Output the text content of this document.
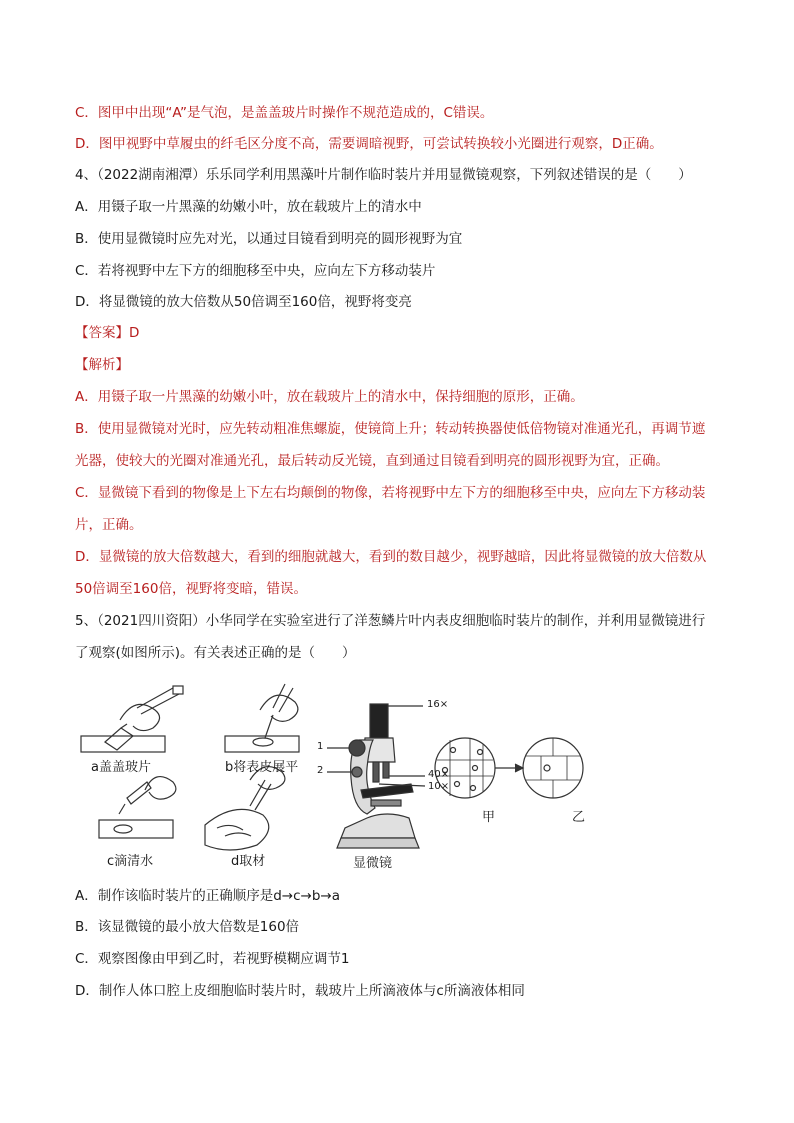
C．图甲中出现“A”是气泡，是盖盖玻片时操作不规范造成的，C错误。
D．图甲视野中草履虫的纤毛区分度不高，需要调暗视野，可尝试转换较小光圈进行观察，D正确。
4、（2022湖南湘潭）乐乐同学利用黑藻叶片制作临时装片并用显微镜观察，下列叙述错误的是（　　）
A．用镊子取一片黑藻的幼嫩小叶，放在载玻片上的清水中
B．使用显微镜时应先对光，以通过目镜看到明亮的圆形视野为宜
C．若将视野中左下方的细胞移至中央，应向左下方移动装片
D．将显微镜的放大倍数从50倍调至160倍，视野将变亮
【答案】D
【解析】
A．用镊子取一片黑藻的幼嫩小叶，放在载玻片上的清水中，保持细胞的原形，正确。
B．使用显微镜对光时，应先转动粗准焦螺旋，使镜筒上升；转动转换器使低倍物镜对准通光孔，再调节遮
光器，使较大的光圈对准通光孔，最后转动反光镜，直到通过目镜看到明亮的圆形视野为宜，正确。
C．显微镜下看到的物像是上下左右均颠倒的物像，若将视野中左下方的细胞移至中央，应向左下方移动装
片，正确。
D．显微镜的放大倍数越大，看到的细胞就越大，看到的数目越少，视野越暗，因此将显微镜的放大倍数从
50倍调至160倍，视野将变暗，错误。
5、（2021四川资阳）小华同学在实验室进行了洋葱鳞片叶内表皮细胞临时装片的制作，并利用显微镜进行
了观察(如图所示)。有关表述正确的是（　　）
a盖盖玻片	b将表皮展平
c滴清水	d取材	显微镜
16×
1
2	40×
10×
甲	乙
A．制作该临时装片的正确顺序是d→c→b→a
B．该显微镜的最小放大倍数是160倍
C．观察图像由甲到乙时，若视野模糊应调节1
D．制作人体口腔上皮细胞临时装片时，载玻片上所滴液体与c所滴液体相同
